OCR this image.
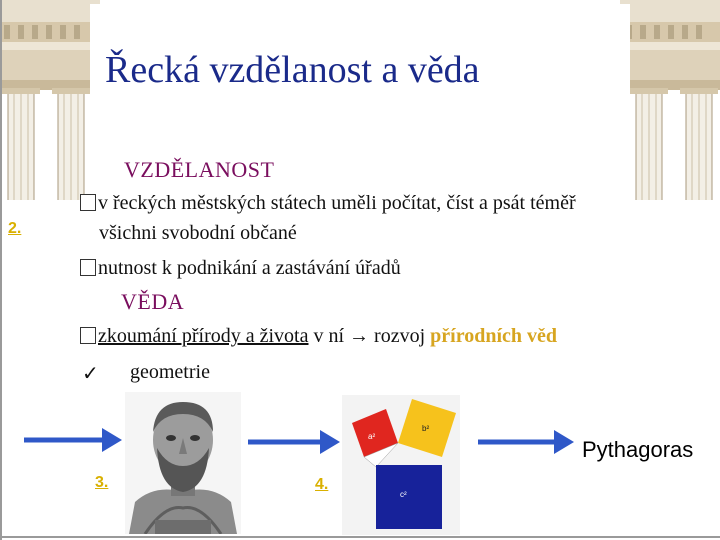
Řecká vzdělanost a věda
VZDĚLANOST
v řeckých městských státech uměli počítat, číst a psát téměř
všichni svobodní občané
nutnost k podnikání a zastávání úřadů
VĚDA
zkoumání přírody a života v ní → rozvoj přírodních věd
✓ geometrie
2.
3.	4.
a²
b²
c²
Pythagoras
